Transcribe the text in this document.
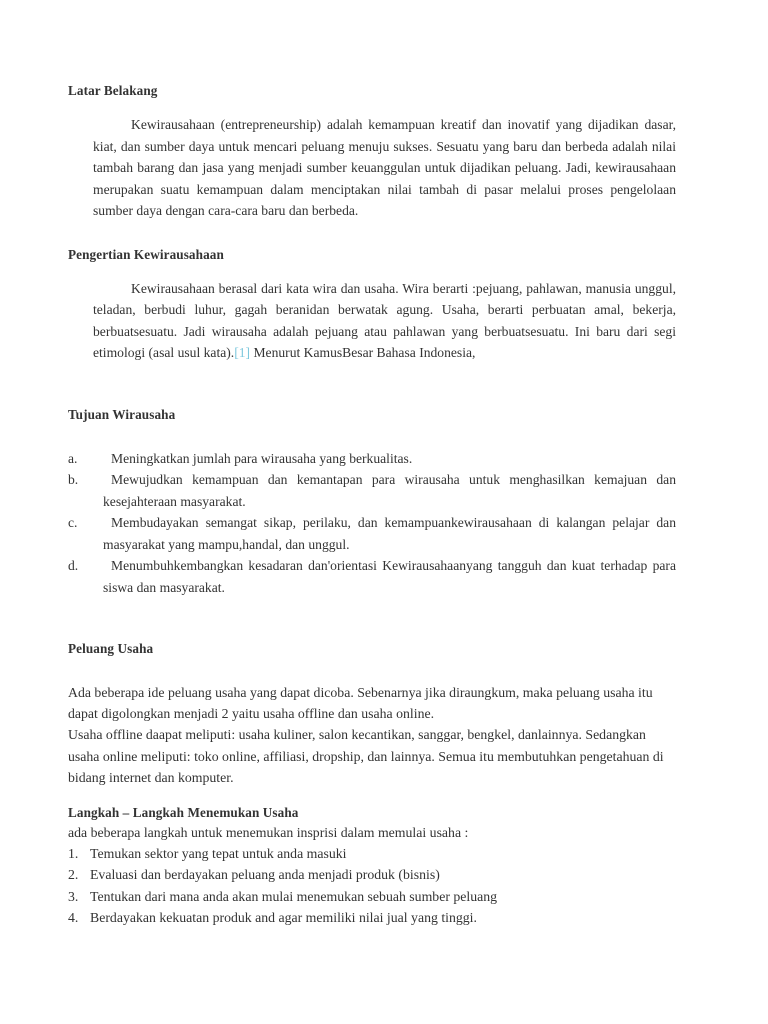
Latar Belakang

Kewirausahaan (entrepreneurship) adalah kemampuan kreatif dan inovatif yang dijadikan dasar, kiat, dan sumber daya untuk mencari peluang menuju sukses. Sesuatu yang baru dan berbeda adalah nilai tambah barang dan jasa yang menjadi sumber keuanggulan untuk dijadikan peluang. Jadi, kewirausahaan merupakan suatu kemampuan dalam menciptakan nilai tambah di pasar melalui proses pengelolaan sumber daya dengan cara-cara baru dan berbeda.

Pengertian Kewirausahaan

Kewirausahaan berasal dari kata wira dan usaha. Wira berarti :pejuang, pahlawan, manusia unggul, teladan, berbudi luhur, gagah beranidan berwatak agung. Usaha, berarti perbuatan amal, bekerja, berbuatsesuatu. Jadi wirausaha adalah pejuang atau pahlawan yang berbuatsesuatu. Ini baru dari segi etimologi (asal usul kata).[1] Menurut KamusBesar Bahasa Indonesia,

Tujuan Wirausaha
a.	Meningkatkan jumlah para wirausaha yang berkualitas.
b.	Mewujudkan kemampuan dan kemantapan para wirausaha untuk menghasilkan kemajuan dan kesejahteraan masyarakat.
c.	Membudayakan semangat sikap, perilaku, dan kemampuankewirausahaan di kalangan pelajar dan masyarakat yang mampu,handal, dan unggul.
d.	Menumbuhkembangkan kesadaran dan'orientasi Kewirausahaanyang tangguh dan kuat terhadap para siswa dan masyarakat.
Peluang Usaha

Ada beberapa ide peluang usaha yang dapat dicoba. Sebenarnya jika diraungkum, maka peluang usaha itu dapat digolongkan menjadi 2 yaitu usaha offline dan usaha online.

Usaha offline daapat meliputi: usaha kuliner, salon kecantikan, sanggar, bengkel, danlainnya. Sedangkan usaha online meliputi: toko online, affiliasi, dropship, dan lainnya. Semua itu membutuhkan pengetahuan di bidang internet dan komputer.

Langkah – Langkah Menemukan Usaha

ada beberapa langkah untuk menemukan insprisi dalam memulai usaha :

1. Temukan sektor yang tepat untuk anda masuki
2. Evaluasi dan berdayakan peluang anda menjadi produk (bisnis)
3. Tentukan dari mana anda akan mulai menemukan sebuah sumber peluang
4. Berdayakan kekuatan produk and agar memiliki nilai jual yang tinggi.
